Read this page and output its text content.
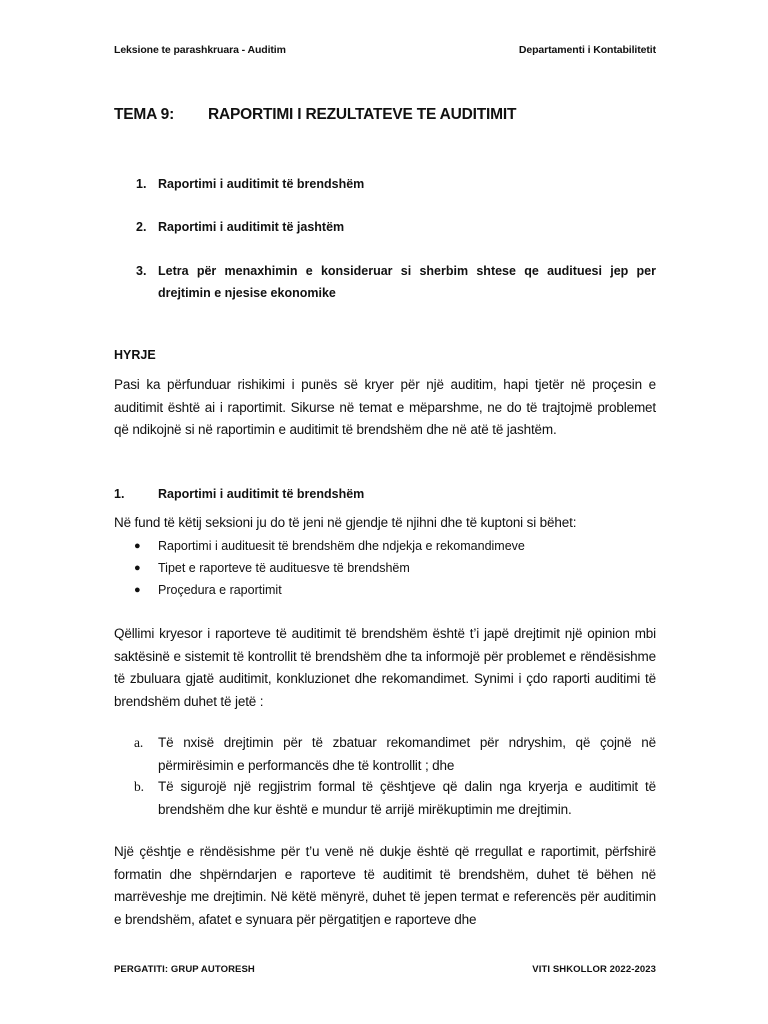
Leksione te parashkruara - Auditim	Departamenti i Kontabilitetit
TEMA 9: RAPORTIMI I REZULTATEVE TE AUDITIMIT
1. Raportimi i auditimit të brendshëm
2. Raportimi i auditimit të jashtëm
3. Letra për menaxhimin e konsideruar si sherbim shtese qe audituesi jep per drejtimin e njesise ekonomike
HYRJE
Pasi ka përfunduar rishikimi i punës së kryer për një auditim, hapi tjetër në proçesin e auditimit është ai i raportimit. Sikurse në temat e mëparshme, ne do të trajtojmë problemet që ndikojnë si në raportimin e auditimit të brendshëm dhe në atë të jashtëm.
1.	Raportimi i auditimit të brendshëm
Në fund të këtij seksioni ju do të jeni në gjendje të njihni dhe të kuptoni si bëhet:
● Raportimi i audituesit të brendshëm dhe ndjekja e rekomandimeve
● Tipet e raporteve të audituesve të brendshëm
● Proçedura e raportimit
Qëllimi kryesor i raporteve të auditimit të brendshëm është t’i japë drejtimit një opinion mbi saktësinë e sistemit të kontrollit të brendshëm dhe ta informojë për problemet e rëndësishme të zbuluara gjatë auditimit, konkluzionet dhe rekomandimet. Synimi i çdo raporti auditimi të brendshëm duhet të jetë :
a. Të nxisë drejtimin për të zbatuar rekomandimet për ndryshim, që çojnë në përmirësimin e performancës dhe të kontrollit ; dhe
b. Të sigurojë një regjistrim formal të çështjeve që dalin nga kryerja e auditimit të brendshëm dhe kur është e mundur të arrijë mirëkuptimin me drejtimin.
Një çështje e rëndësishme për t’u venë në dukje është që rregullat e raportimit, përfshirë formatin dhe shpërndarjen e raporteve të auditimit të brendshëm, duhet të bëhen në marrëveshje me drejtimin. Në këtë mënyrë, duhet të jepen termat e referencës për auditimin e brendshëm, afatet e synuara për përgatitjen e raporteve dhe
PERGATITI: GRUP AUTORESH	VITI SHKOLLOR 2022-2023
